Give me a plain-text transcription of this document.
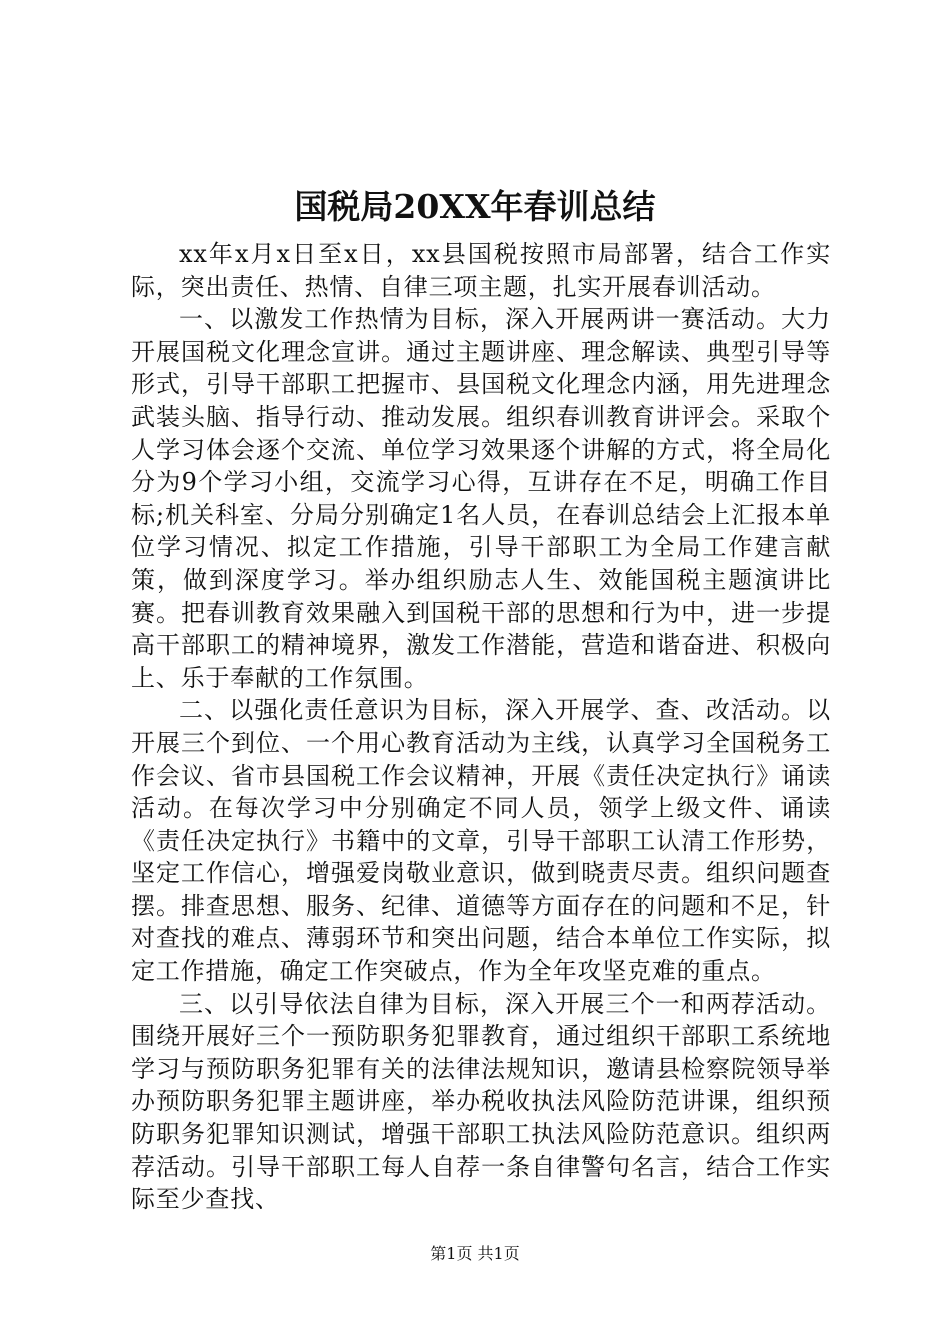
国税局20XX年春训总结

xx年x月x日至x日，xx县国税按照市局部署，结合工作实际，突出责任、热情、自律三项主题，扎实开展春训活动。

一、以激发工作热情为目标，深入开展两讲一赛活动。大力开展国税文化理念宣讲。通过主题讲座、理念解读、典型引导等形式，引导干部职工把握市、县国税文化理念内涵，用先进理念武装头脑、指导行动、推动发展。组织春训教育讲评会。采取个人学习体会逐个交流、单位学习效果逐个讲解的方式，将全局化分为9个学习小组，交流学习心得，互讲存在不足，明确工作目标;机关科室、分局分别确定1名人员，在春训总结会上汇报本单位学习情况、拟定工作措施，引导干部职工为全局工作建言献策，做到深度学习。举办组织励志人生、效能国税主题演讲比赛。把春训教育效果融入到国税干部的思想和行为中，进一步提高干部职工的精神境界，激发工作潜能，营造和谐奋进、积极向上、乐于奉献的工作氛围。

二、以强化责任意识为目标，深入开展学、查、改活动。以开展三个到位、一个用心教育活动为主线，认真学习全国税务工作会议、省市县国税工作会议精神，开展《责任决定执行》诵读活动。在每次学习中分别确定不同人员，领学上级文件、诵读《责任决定执行》书籍中的文章，引导干部职工认清工作形势，坚定工作信心，增强爱岗敬业意识，做到晓责尽责。组织问题查摆。排查思想、服务、纪律、道德等方面存在的问题和不足，针对查找的难点、薄弱环节和突出问题，结合本单位工作实际，拟定工作措施，确定工作突破点，作为全年攻坚克难的重点。

三、以引导依法自律为目标，深入开展三个一和两荐活动。围绕开展好三个一预防职务犯罪教育，通过组织干部职工系统地学习与预防职务犯罪有关的法律法规知识，邀请县检察院领导举办预防职务犯罪主题讲座，举办税收执法风险防范讲课，组织预防职务犯罪知识测试，增强干部职工执法风险防范意识。组织两荐活动。引导干部职工每人自荐一条自律警句名言，结合工作实际至少查找、

第1页 共1页
